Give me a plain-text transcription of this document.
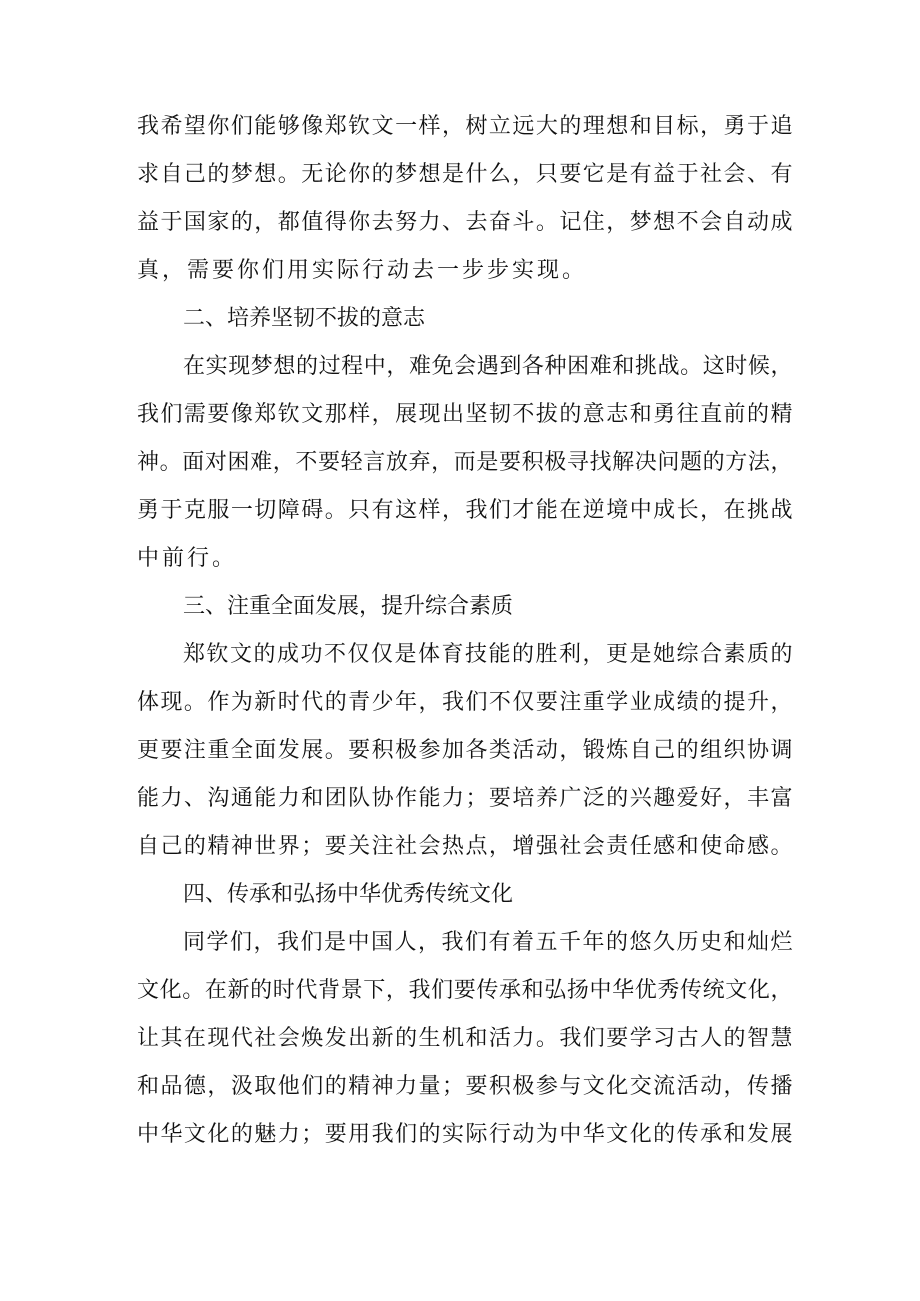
我希望你们能够像郑钦文一样，树立远大的理想和目标，勇于追
求自己的梦想。无论你的梦想是什么，只要它是有益于社会、有
益于国家的，都值得你去努力、去奋斗。记住，梦想不会自动成
真，需要你们用实际行动去一步步实现。
二、培养坚韧不拔的意志
在实现梦想的过程中，难免会遇到各种困难和挑战。这时候，
我们需要像郑钦文那样，展现出坚韧不拔的意志和勇往直前的精
神。面对困难，不要轻言放弃，而是要积极寻找解决问题的方法，
勇于克服一切障碍。只有这样，我们才能在逆境中成长，在挑战
中前行。
三、注重全面发展，提升综合素质
郑钦文的成功不仅仅是体育技能的胜利，更是她综合素质的
体现。作为新时代的青少年，我们不仅要注重学业成绩的提升，
更要注重全面发展。要积极参加各类活动，锻炼自己的组织协调
能力、沟通能力和团队协作能力；要培养广泛的兴趣爱好，丰富
自己的精神世界；要关注社会热点，增强社会责任感和使命感。
四、传承和弘扬中华优秀传统文化
同学们，我们是中国人，我们有着五千年的悠久历史和灿烂
文化。在新的时代背景下，我们要传承和弘扬中华优秀传统文化，
让其在现代社会焕发出新的生机和活力。我们要学习古人的智慧
和品德，汲取他们的精神力量；要积极参与文化交流活动，传播
中华文化的魅力；要用我们的实际行动为中华文化的传承和发展
